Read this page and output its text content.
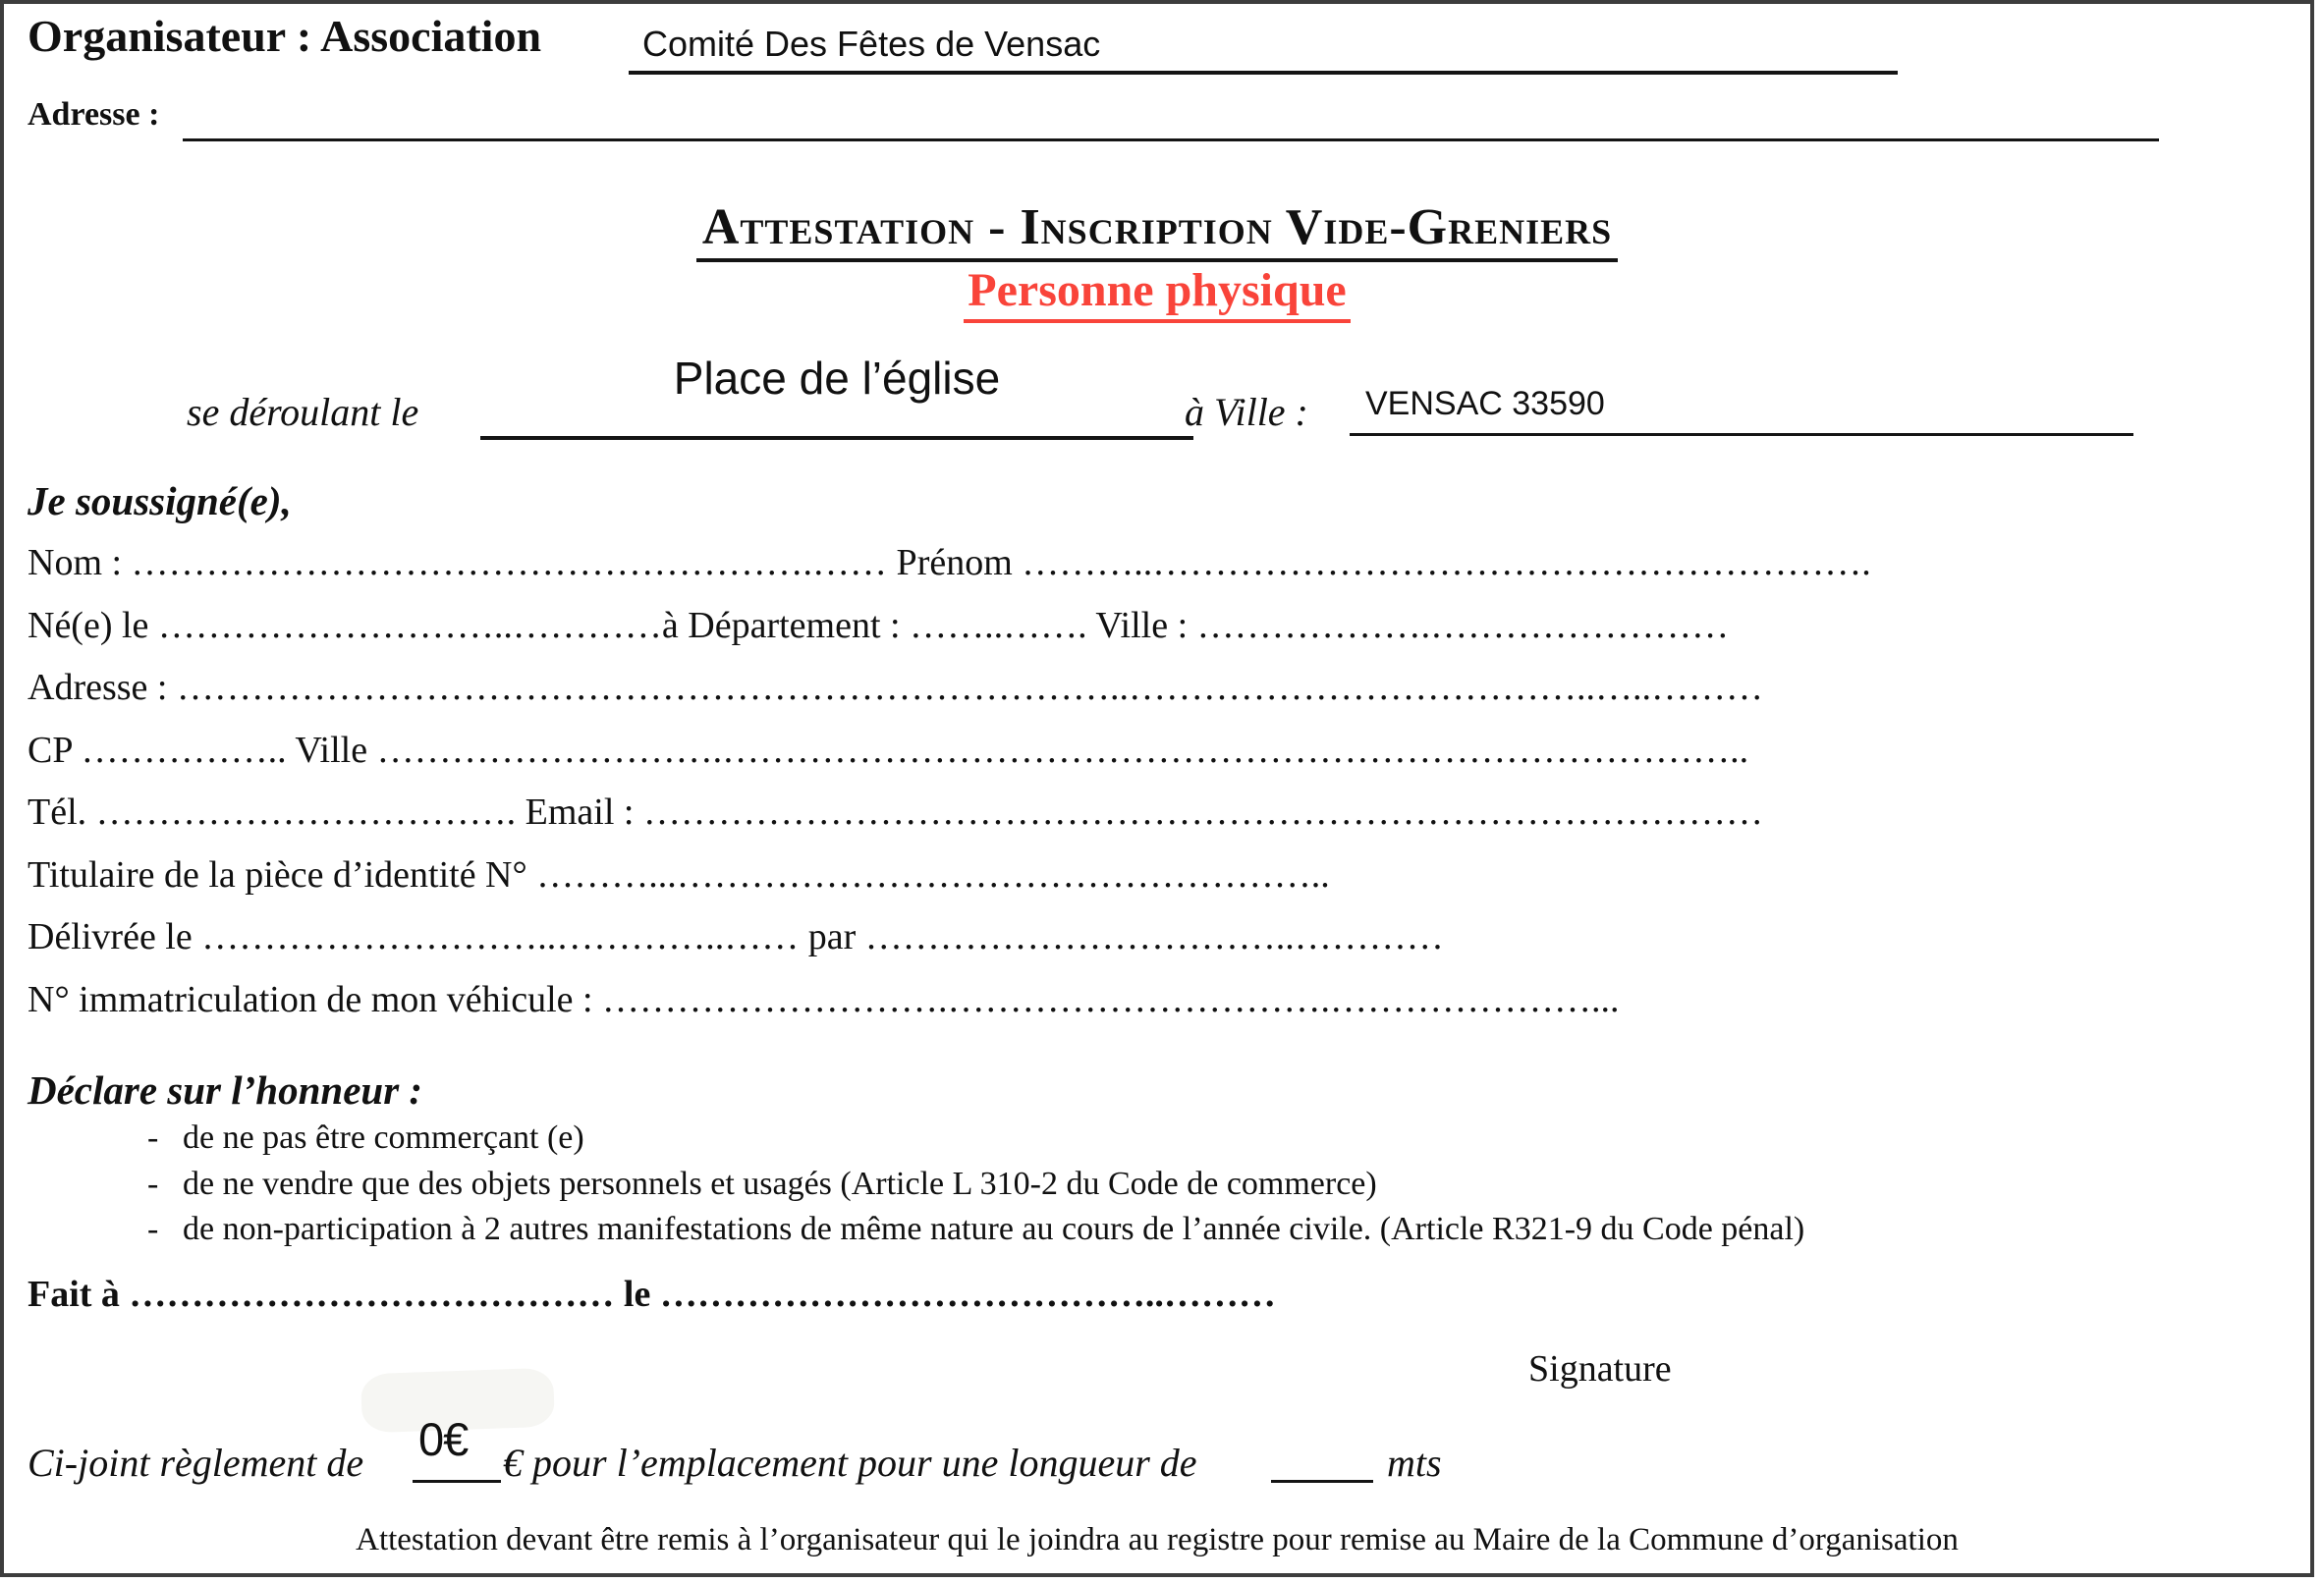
Organisateur : Association	Comité Des Fêtes de Vensac
Adresse :
Attestation - Inscription Vide-Greniers
Personne physique
se déroulant le
Place de l’église
à Ville : VENSAC 33590
Je soussigné(e),
Nom : ……………………………………………….…… Prénom ………..………………………………………………….
Né(e) le ………………………..…………à Département : ……..……. Ville : ……………….……………………
Adresse : …………………………………………………………………..………………………………..…..………
CP …………….. Ville ……………………….………………………………………………………………………..
Tél. ……………………………. Email : ………………………………………………………………………………
Titulaire de la pièce d’identité N° ………...……………………………………………..
Délivrée le ………………………..…………..…… par ……………………………..…………
N° immatriculation de mon véhicule : ……………………….………………………….…………………...
Déclare sur l’honneur :
- de ne pas être commerçant (e)
- de ne vendre que des objets personnels et usagés (Article L 310-2 du Code de commerce)
- de non-participation à 2 autres manifestations de même nature au cours de l’année civile. (Article R321-9 du Code pénal)
Fait à ………………………………… le …………………………………..………
Signature
Ci-joint règlement de 0€ € pour l’emplacement pour une longueur de	mts
Attestation devant être remis à l’organisateur qui le joindra au registre pour remise au Maire de la Commune d’organisation
